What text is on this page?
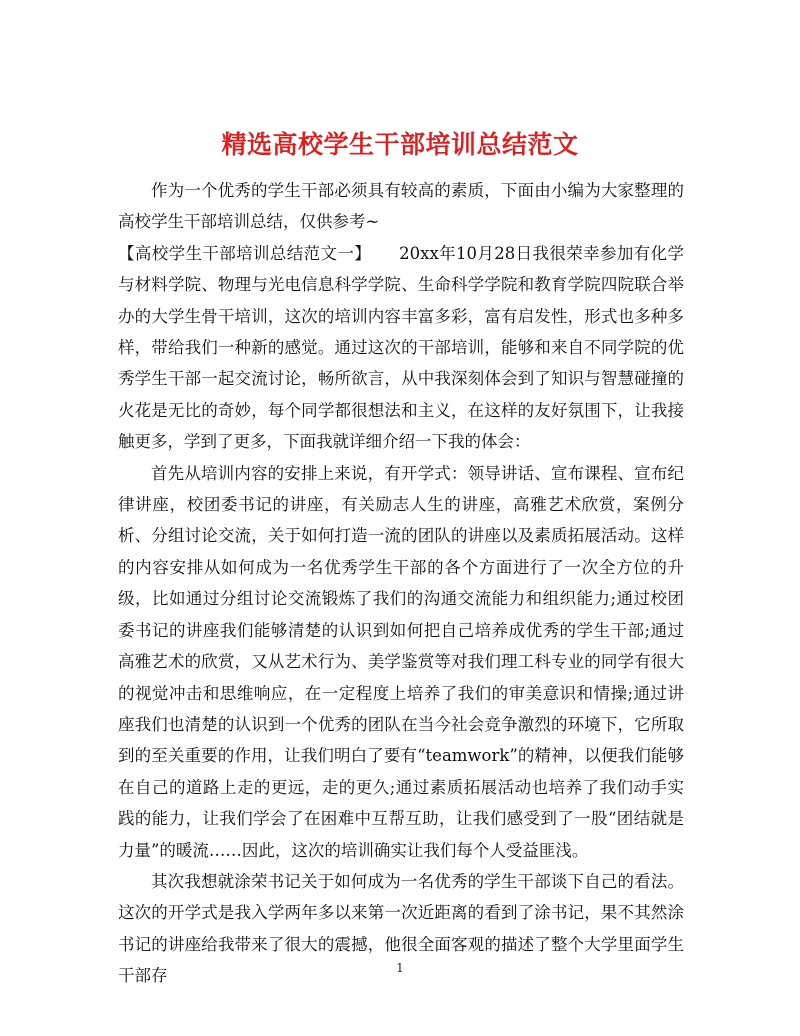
精选高校学生干部培训总结范文

作为一个优秀的学生干部必须具有较高的素质，下面由小编为大家整理的高校学生干部培训总结，仅供参考~

【高校学生干部培训总结范文一】 20xx年10月28日我很荣幸参加有化学与材料学院、物理与光电信息科学学院、生命科学学院和教育学院四院联合举办的大学生骨干培训，这次的培训内容丰富多彩，富有启发性，形式也多种多样，带给我们一种新的感觉。通过这次的干部培训，能够和来自不同学院的优秀学生干部一起交流讨论，畅所欲言，从中我深刻体会到了知识与智慧碰撞的火花是无比的奇妙，每个同学都很想法和主义，在这样的友好氛围下，让我接触更多，学到了更多，下面我就详细介绍一下我的体会：

首先从培训内容的安排上来说，有开学式：领导讲话、宣布课程、宣布纪律讲座，校团委书记的讲座，有关励志人生的讲座，高雅艺术欣赏，案例分析、分组讨论交流，关于如何打造一流的团队的讲座以及素质拓展活动。这样的内容安排从如何成为一名优秀学生干部的各个方面进行了一次全方位的升级，比如通过分组讨论交流锻炼了我们的沟通交流能力和组织能力;通过校团委书记的讲座我们能够清楚的认识到如何把自己培养成优秀的学生干部;通过高雅艺术的欣赏，又从艺术行为、美学鉴赏等对我们理工科专业的同学有很大的视觉冲击和思维响应，在一定程度上培养了我们的审美意识和情操;通过讲座我们也清楚的认识到一个优秀的团队在当今社会竞争激烈的环境下，它所取到的至关重要的作用，让我们明白了要有“teamwork”的精神，以便我们能够在自己的道路上走的更远，走的更久;通过素质拓展活动也培养了我们动手实践的能力，让我们学会了在困难中互帮互助，让我们感受到了一股“团结就是力量”的暖流……因此，这次的培训确实让我们每个人受益匪浅。

其次我想就涂荣书记关于如何成为一名优秀的学生干部谈下自己的看法。这次的开学式是我入学两年多以来第一次近距离的看到了涂书记，果不其然涂书记的讲座给我带来了很大的震撼，他很全面客观的描述了整个大学里面学生干部存	1
